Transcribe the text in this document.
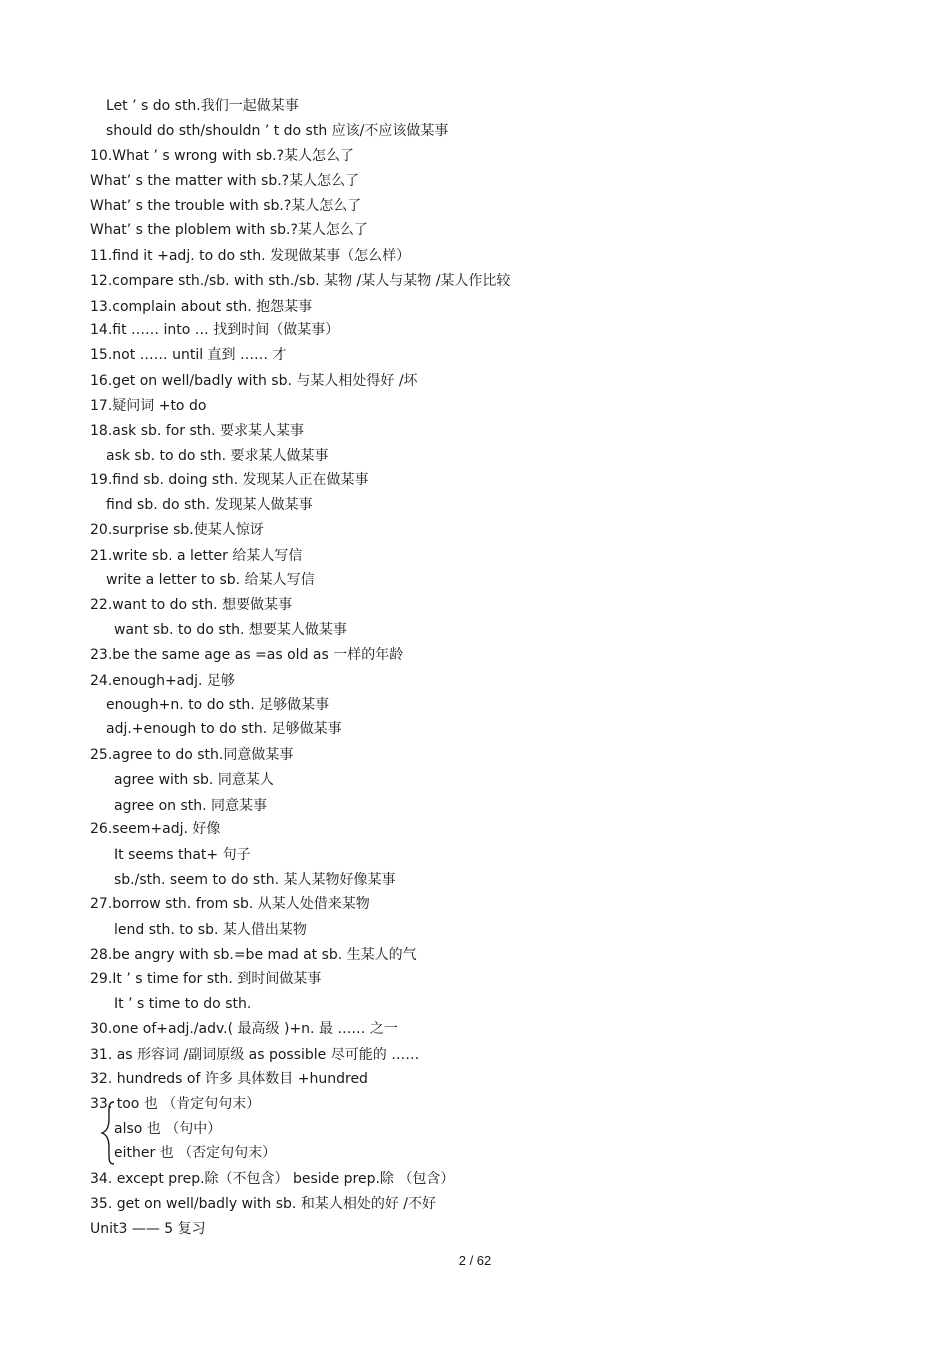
Let ’ s do sth.我们一起做某事
should do sth/shouldn ’ t do sth 应该/不应该做某事
10.What ’ s wrong with sb.?某人怎么了
What’ s the matter with sb.?某人怎么了
What’ s the trouble with sb.?某人怎么了
What’ s the ploblem with sb.?某人怎么了
11.find it +adj. to do sth. 发现做某事（怎么样）
12.compare sth./sb. with sth./sb. 某物 /某人与某物 /某人作比较
13.complain about sth. 抱怨某事
14.fit …… into … 找到时间（做某事）
15.not …… until 直到 …… 才
16.get on well/badly with sb. 与某人相处得好 /坏
17.疑问词 +to do
18.ask sb. for sth. 要求某人某事
ask sb. to do sth. 要求某人做某事
19.find sb. doing sth. 发现某人正在做某事
find sb. do sth. 发现某人做某事
20.surprise sb.使某人惊讶
21.write sb. a letter 给某人写信
write a letter to sb. 给某人写信
22.want to do sth. 想要做某事
want sb. to do sth. 想要某人做某事
23.be the same age as =as old as 一样的年龄
24.enough+adj. 足够
enough+n. to do sth. 足够做某事
adj.+enough to do sth. 足够做某事
25.agree to do sth.同意做某事
agree with sb. 同意某人
agree on sth. 同意某事
26.seem+adj. 好像
It seems that+ 句子
sb./sth. seem to do sth. 某人某物好像某事
27.borrow sth. from sb. 从某人处借来某物
lend sth. to sb. 某人借出某物
28.be angry with sb.=be mad at sb. 生某人的气
29.It ’ s time for sth. 到时间做某事
It ’ s time to do sth.
30.one of+adj./adv.( 最高级 )+n. 最 …… 之一
31. as 形容词 /副词原级 as possible 尽可能的 ……
32. hundreds of 许多 具体数目 +hundred
33. too 也 （肯定句句末）
also 也 （句中）
either 也 （否定句句末）
34. except prep.除（不包含） beside prep.除 （包含）
35. get on well/badly with sb. 和某人相处的好 /不好
Unit3 —— 5 复习
2 / 62
